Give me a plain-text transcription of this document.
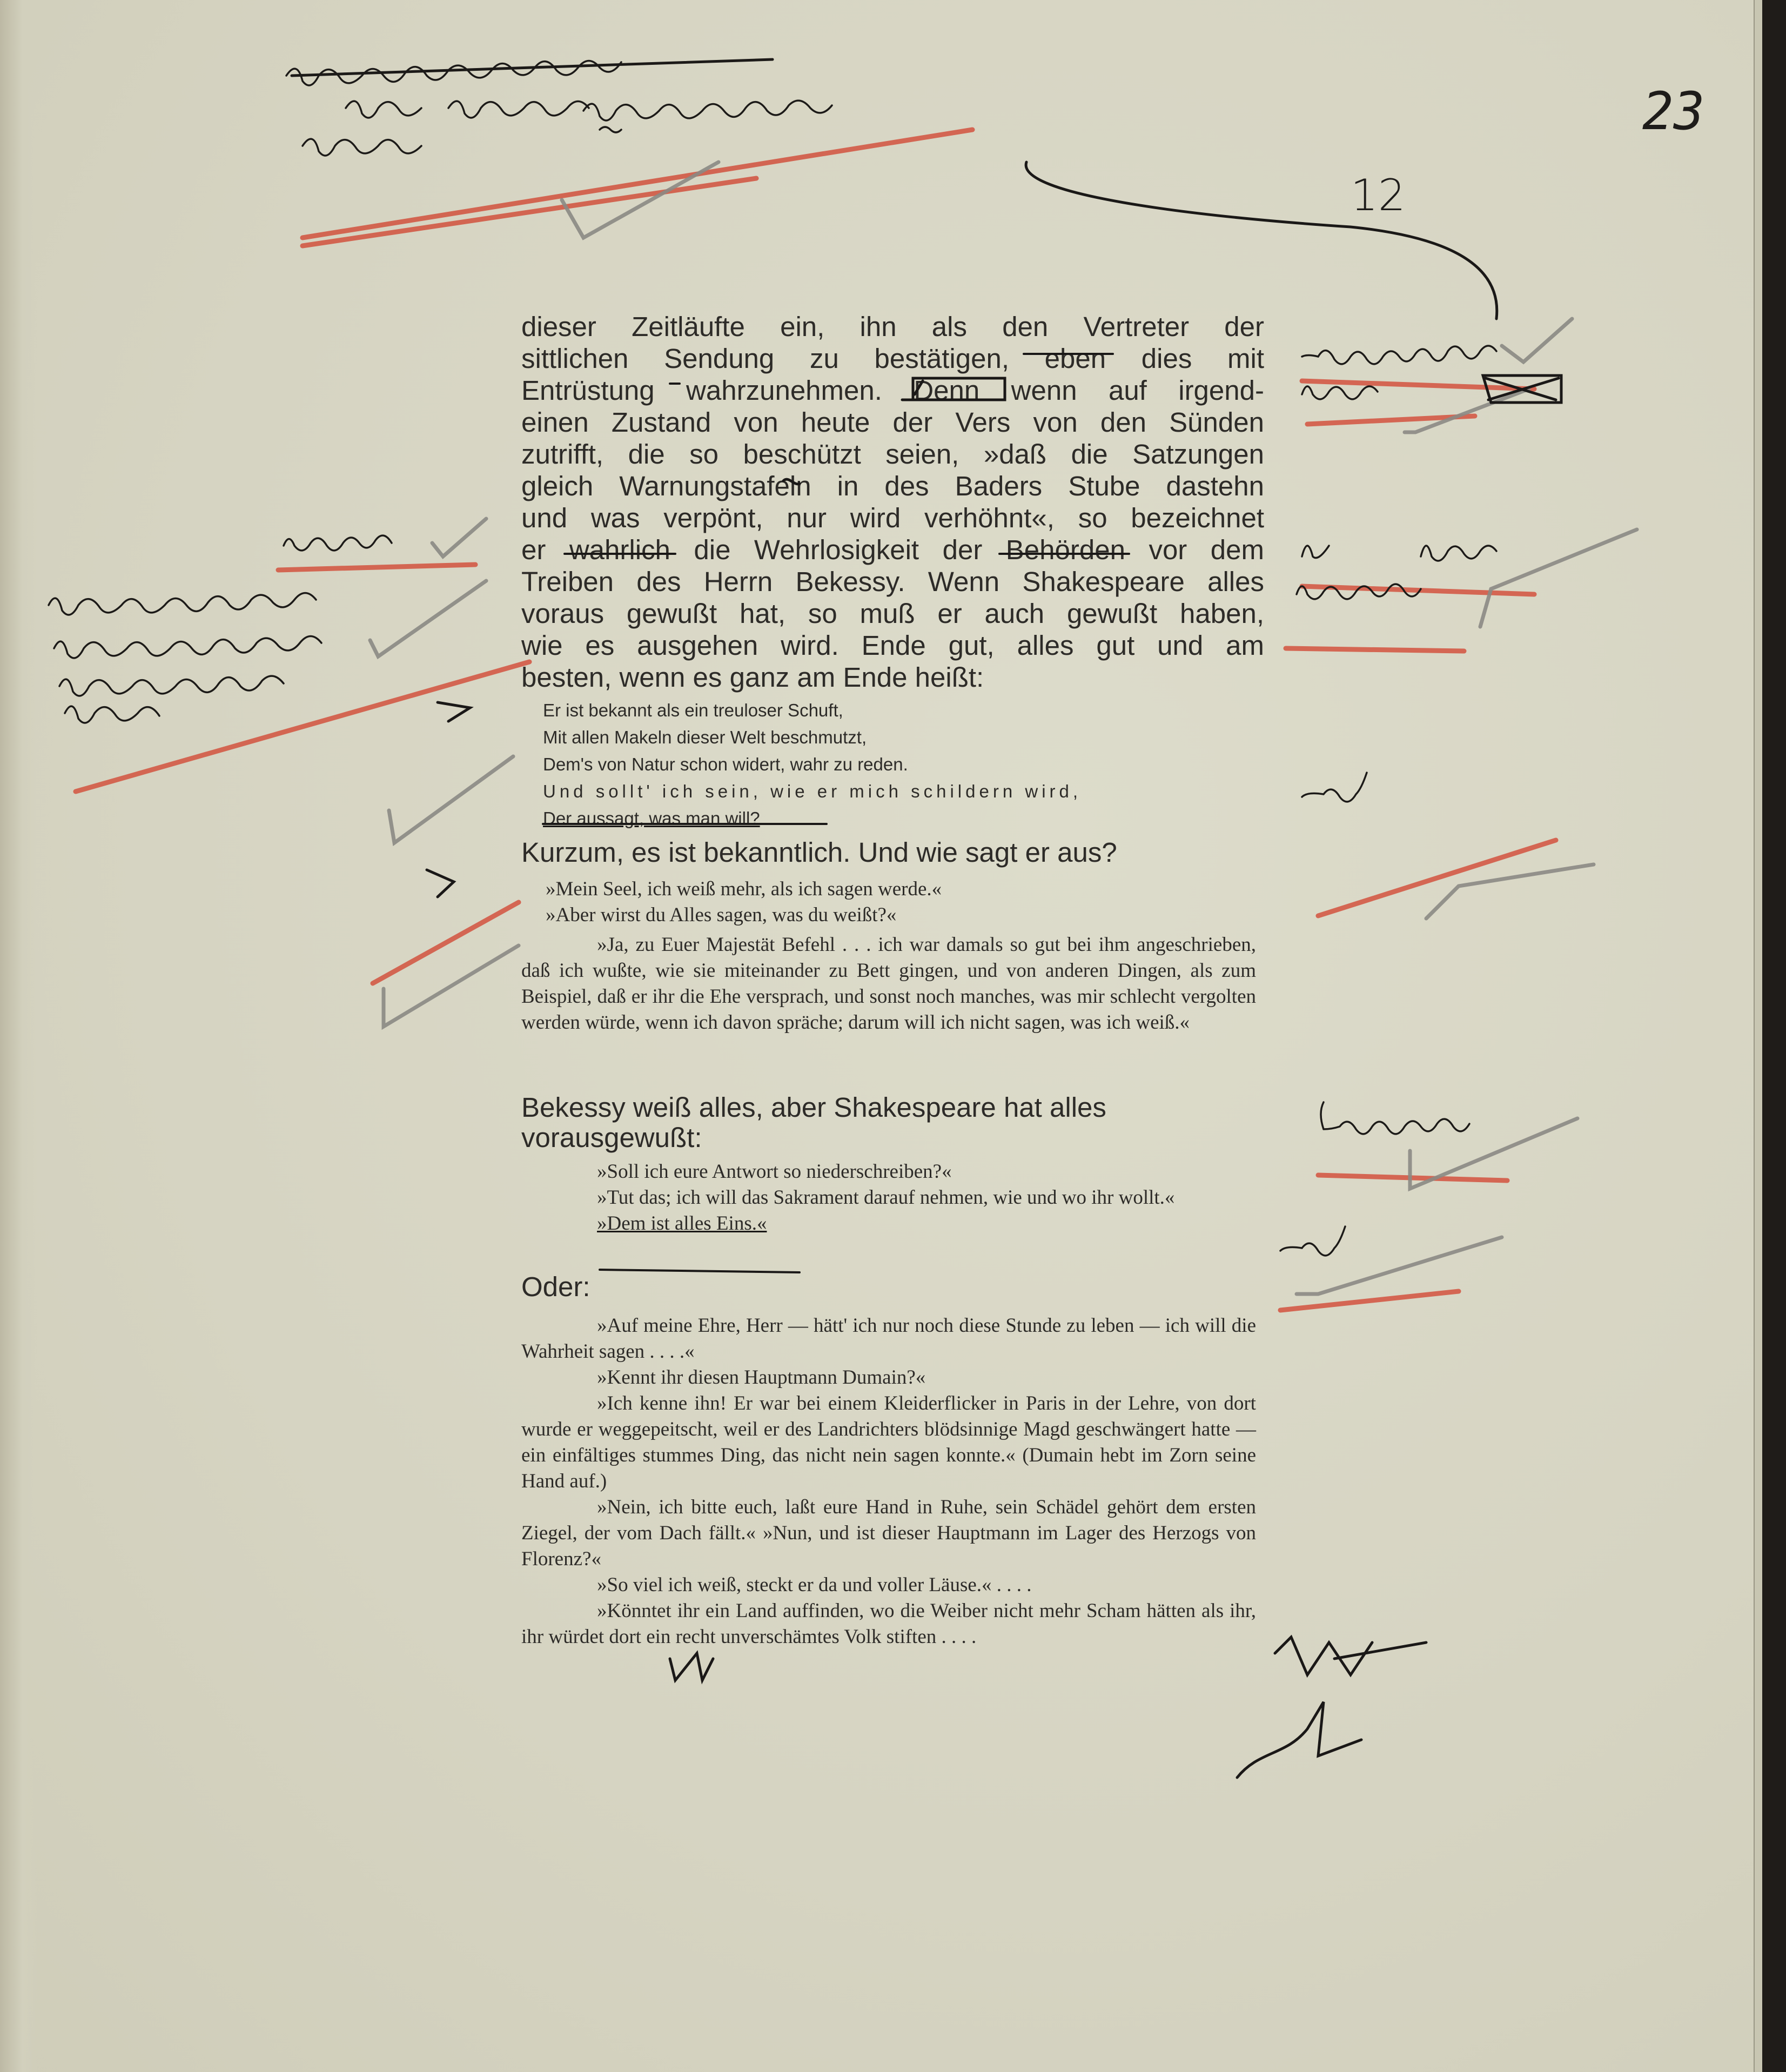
23
12
dieser Zeitläufte ein, ihn als den Vertreter der
sittlichen Sendung zu bestätigen, eben dies mit
Entrüstung wahrzunehmen. Denn wenn auf irgend-
einen Zustand von heute der Vers von den Sünden
zutrifft, die so beschützt seien, »daß die Satzungen
gleich Warnungstafeln in des Baders Stube dastehn
und was verpönt, nur wird verhöhnt«, so bezeichnet
er wahrlich die Wehrlosigkeit der Behörden vor dem
Treiben des Herrn Bekessy. Wenn Shakespeare alles
voraus gewußt hat, so muß er auch gewußt haben,
wie es ausgehen wird. Ende gut, alles gut und am
besten, wenn es ganz am Ende heißt:
Er ist bekannt als ein treuloser Schuft,
Mit allen Makeln dieser Welt beschmutzt,
Dem's von Natur schon widert, wahr zu reden.
Und sollt' ich sein, wie er mich schildern wird,
Der aussagt, was man will?
Kurzum, es ist bekanntlich. Und wie sagt er aus?
»Mein Seel, ich weiß mehr, als ich sagen werde.«
»Aber wirst du Alles sagen, was du weißt?«
»Ja, zu Euer Majestät Befehl . . . ich war damals so gut bei ihm angeschrieben, daß ich wußte, wie sie miteinander zu Bett gingen, und von anderen Dingen, als zum Beispiel, daß er ihr die Ehe versprach, und sonst noch manches, was mir schlecht vergolten werden würde, wenn ich davon spräche; darum will ich nicht sagen, was ich weiß.«
Bekessy weiß alles, aber Shakespeare hat alles
vorausgewußt:
»Soll ich eure Antwort so niederschreiben?«
»Tut das; ich will das Sakrament darauf nehmen, wie und wo ihr wollt.«
»Dem ist alles Eins.«
Oder:
»Auf meine Ehre, Herr — hätt' ich nur noch diese Stunde zu leben — ich will die Wahrheit sagen . . . .«
»Kennt ihr diesen Hauptmann Dumain?«
»Ich kenne ihn! Er war bei einem Kleiderflicker in Paris in der Lehre, von dort wurde er weggepeitscht, weil er des Landrichters blödsinnige Magd geschwängert hatte — ein einfältiges stummes Ding, das nicht nein sagen konnte.« (Dumain hebt im Zorn seine Hand auf.)
»Nein, ich bitte euch, laßt eure Hand in Ruhe, sein Schädel gehört dem ersten Ziegel, der vom Dach fällt.« »Nun, und ist dieser Hauptmann im Lager des Herzogs von Florenz?«
»So viel ich weiß, steckt er da und voller Läuse.« . . . .
»Könntet ihr ein Land auffinden, wo die Weiber nicht mehr Scham hätten als ihr, ihr würdet dort ein recht unverschämtes Volk stiften . . . .
